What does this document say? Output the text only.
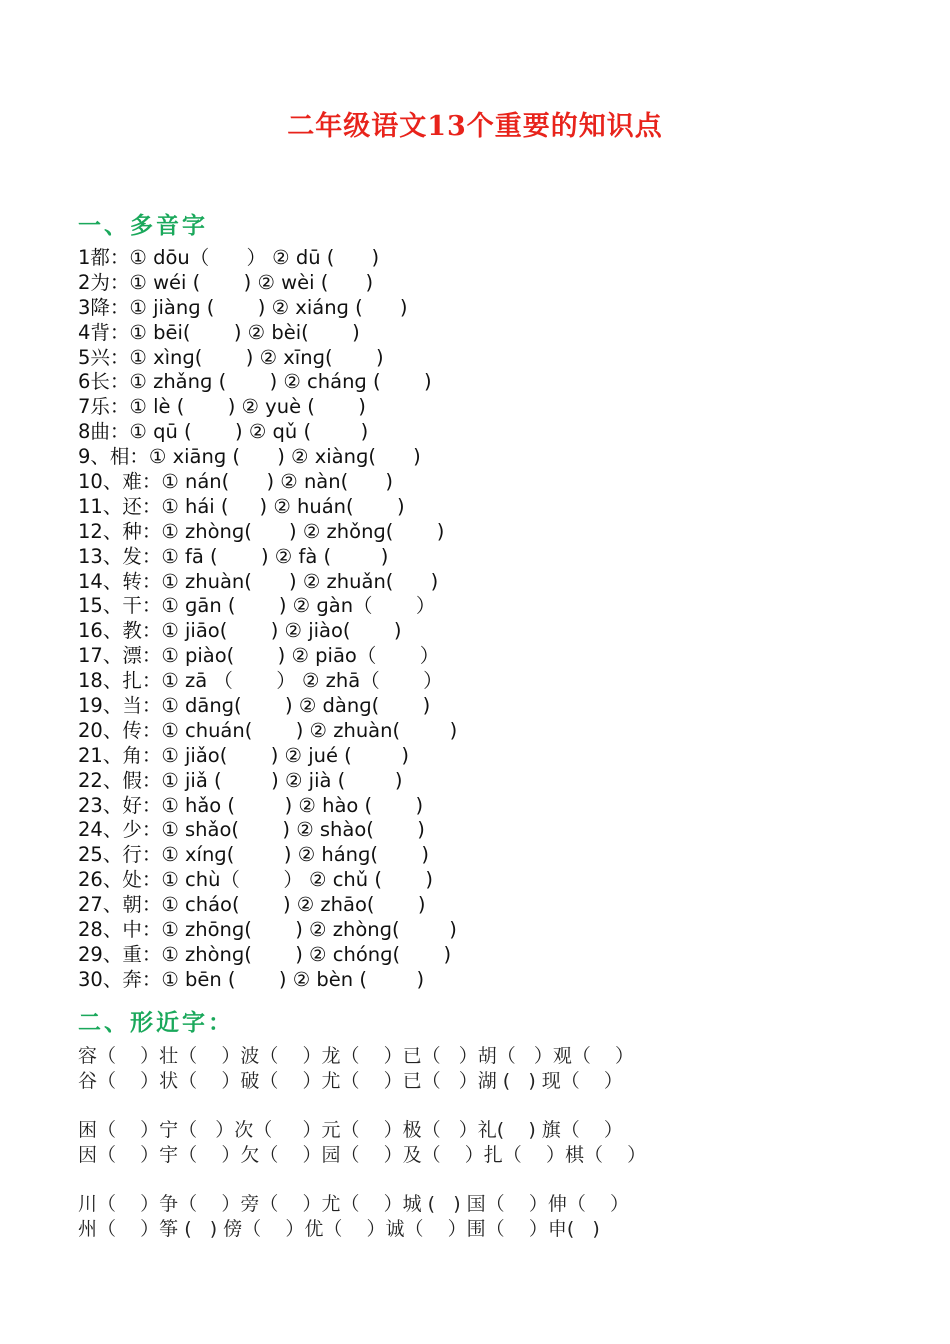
二年级语文13个重要的知识点
一、多音字
1都：① dōu（      ） ② dū (      )
2为：① wéi (       ) ② wèi (      )
3降：① jiànɡ (       ) ② xiánɡ (      )
4背：① bēi(       ) ② bèi(       )
5兴：① xìnɡ(       ) ② xīnɡ(       )
6长：① zhǎnɡ (       ) ② chánɡ (       )
7乐：① lè (       ) ② yuè (       )
8曲：① qū (       ) ② qǔ (        )
9、相：① xiānɡ (      ) ② xiànɡ(      )
10、难：① nán(      ) ② nàn(      )
11、还：① hái (     ) ② huán(       )
12、种：① zhònɡ(      ) ② zhǒnɡ(       )
13、发：① fā (       ) ② fà (        )
14、转：① zhuàn(      ) ② zhuǎn(      )
15、干：① ɡān (       ) ② ɡàn（       ）
16、教：① jiāo(       ) ② jiào(       )
17、漂：① piào(       ) ② piāo（       ）
18、扎：① zā （       ） ② zhā（       ）
19、当：① dānɡ(       ) ② dànɡ(       )
20、传：① chuán(       ) ② zhuàn(        )
21、角：① jiǎo(       ) ② jué (        )
22、假：① jiǎ (        ) ② jià (        )
23、好：① hǎo (        ) ② hào (       )
24、少：① shǎo(       ) ② shào(       )
25、行：① xínɡ(        ) ② hánɡ(       )
26、处：① chù（       ） ② chǔ (       )
27、朝：① cháo(       ) ② zhāo(       )
28、中：① zhōnɡ(       ) ② zhònɡ(        )
29、重：① zhònɡ(       ) ② chónɡ(       )
30、奔：① bēn (       ) ② bèn (        )
二、形近字：
容（    ）壮（    ）波（    ）龙（    ）已（   ）胡（   ）观（    ）
谷（    ）状（    ）破（    ）尤（    ）已（   ）湖 (   ) 现（    ）
困（    ）宁（   ）次（     ）元（    ）极（   ）礼(    ) 旗（    ）
因（    ）宇（    ）欠（    ）园（    ）及（    ）扎（    ）棋（    ）
川（    ）争（    ）旁（    ）尤（    ）城 (   ) 国（    ）伸（    ）
州（    ）筝 (   ) 傍（    ）优（    ）诚（    ）围（    ）申(   )
